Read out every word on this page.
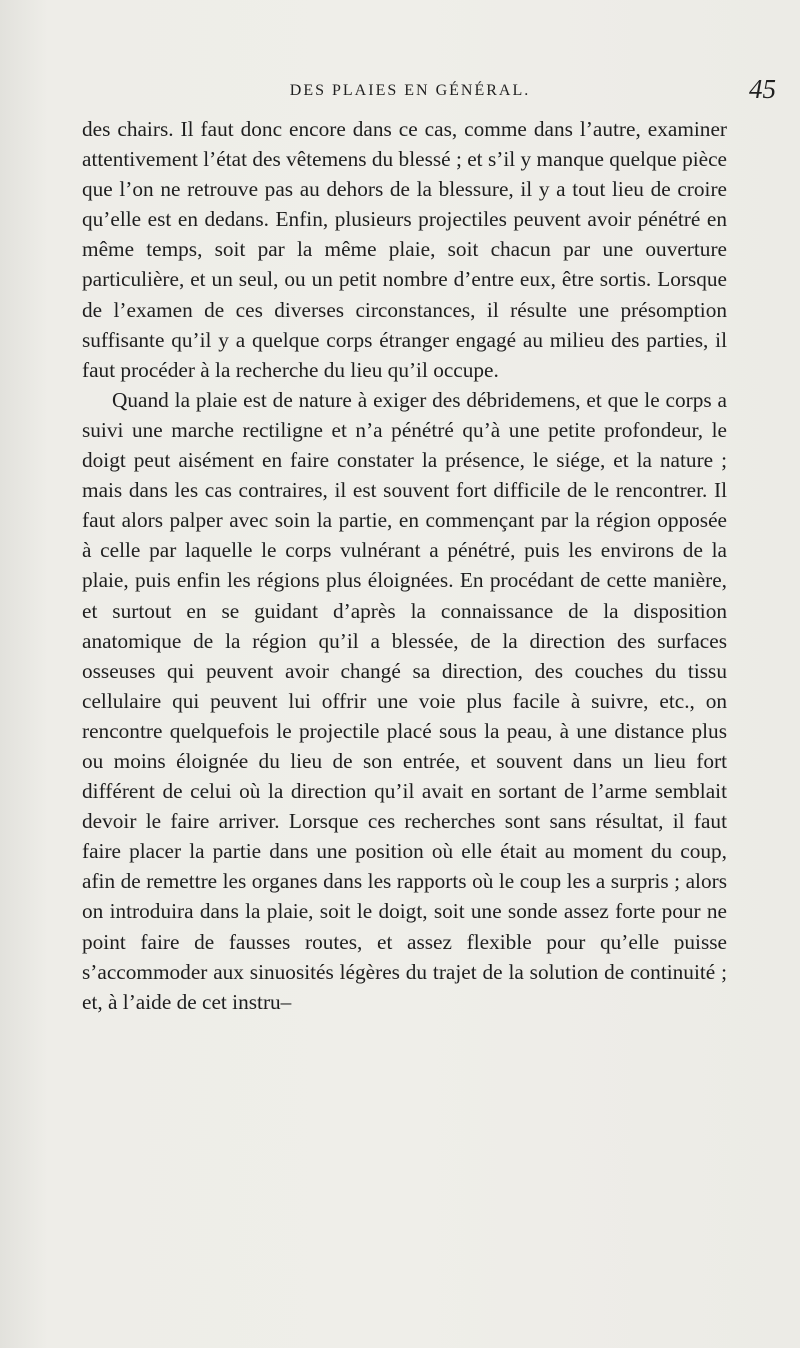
DES PLAIES EN GÉNÉRAL.	45

des chairs. Il faut donc encore dans ce cas, comme dans l’autre, examiner attentivement l’état des vêtemens du blessé ; et s’il y manque quelque pièce que l’on ne retrouve pas au dehors de la blessure, il y a tout lieu de croire qu’elle est en dedans. Enfin, plusieurs projectiles peuvent avoir pénétré en même temps, soit par la même plaie, soit chacun par une ouverture particulière, et un seul, ou un petit nombre d’entre eux, être sortis. Lorsque de l’examen de ces diverses circonstances, il résulte une présomption suffisante qu’il y a quelque corps étranger engagé au milieu des parties, il faut procéder à la recherche du lieu qu’il occupe.

Quand la plaie est de nature à exiger des débridemens, et que le corps a suivi une marche rectiligne et n’a pénétré qu’à une petite profondeur, le doigt peut aisément en faire constater la présence, le siége, et la nature ; mais dans les cas contraires, il est souvent fort difficile de le rencontrer. Il faut alors palper avec soin la partie, en commençant par la région opposée à celle par laquelle le corps vulnérant a pénétré, puis les environs de la plaie, puis enfin les régions plus éloignées. En procédant de cette manière, et surtout en se guidant d’après la connaissance de la disposition anatomique de la région qu’il a blessée, de la direction des surfaces osseuses qui peuvent avoir changé sa direction, des couches du tissu cellulaire qui peuvent lui offrir une voie plus facile à suivre, etc., on rencontre quelquefois le projectile placé sous la peau, à une distance plus ou moins éloignée du lieu de son entrée, et souvent dans un lieu fort différent de celui où la direction qu’il avait en sortant de l’arme semblait devoir le faire arriver. Lorsque ces recherches sont sans résultat, il faut faire placer la partie dans une position où elle était au moment du coup, afin de remettre les organes dans les rapports où le coup les a surpris ; alors on introduira dans la plaie, soit le doigt, soit une sonde assez forte pour ne point faire de fausses routes, et assez flexible pour qu’elle puisse s’accommoder aux sinuosités légères du trajet de la solution de continuité ; et, à l’aide de cet instru–
